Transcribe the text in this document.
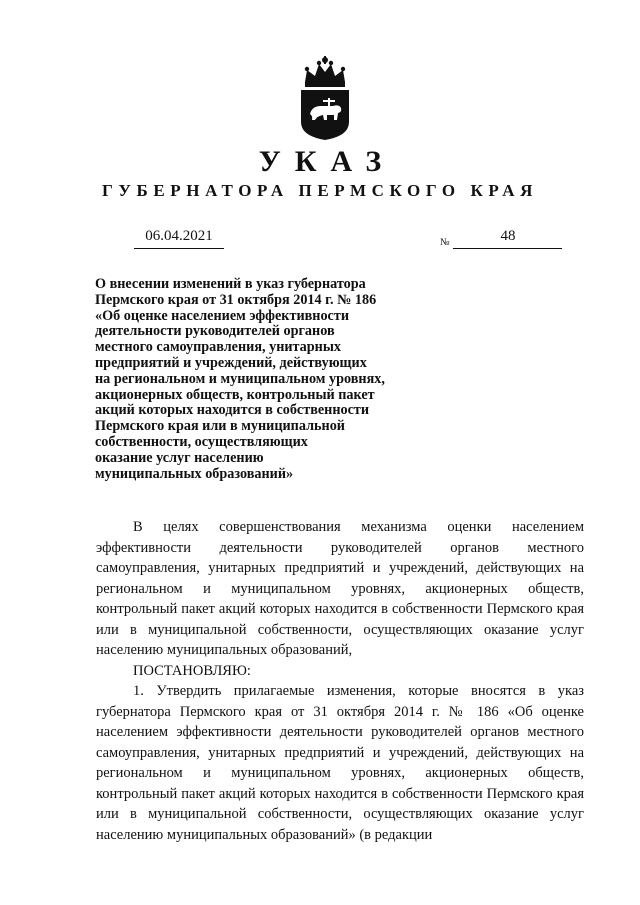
УКАЗ
ГУБЕРНАТОРА ПЕРМСКОГО КРАЯ
06.04.2021	№	48
О внесении изменений в указ губернатора
Пермского края от 31 октября 2014 г. № 186
«Об оценке населением эффективности
деятельности руководителей органов
местного самоуправления, унитарных
предприятий и учреждений, действующих
на региональном и муниципальном уровнях,
акционерных обществ, контрольный пакет
акций которых находится в собственности
Пермского края или в муниципальной
собственности, осуществляющих
оказание услуг населению
муниципальных образований»

В целях совершенствования механизма оценки населением эффективности деятельности руководителей органов местного самоуправления, унитарных предприятий и учреждений, действующих на региональном и муниципальном уровнях, акционерных обществ, контрольный пакет акций которых находится в собственности Пермского края или в муниципальной собственности, осуществляющих оказание услуг населению муниципальных образований,

ПОСТАНОВЛЯЮ:

1. Утвердить прилагаемые изменения, которые вносятся в указ губернатора Пермского края от 31 октября 2014 г. № 186 «Об оценке населением эффективности деятельности руководителей органов местного самоуправления, унитарных предприятий и учреждений, действующих на региональном и муниципальном уровнях, акционерных обществ, контрольный пакет акций которых находится в собственности Пермского края или в муниципальной собственности, осуществляющих оказание услуг населению муниципальных образований» (в редакции
